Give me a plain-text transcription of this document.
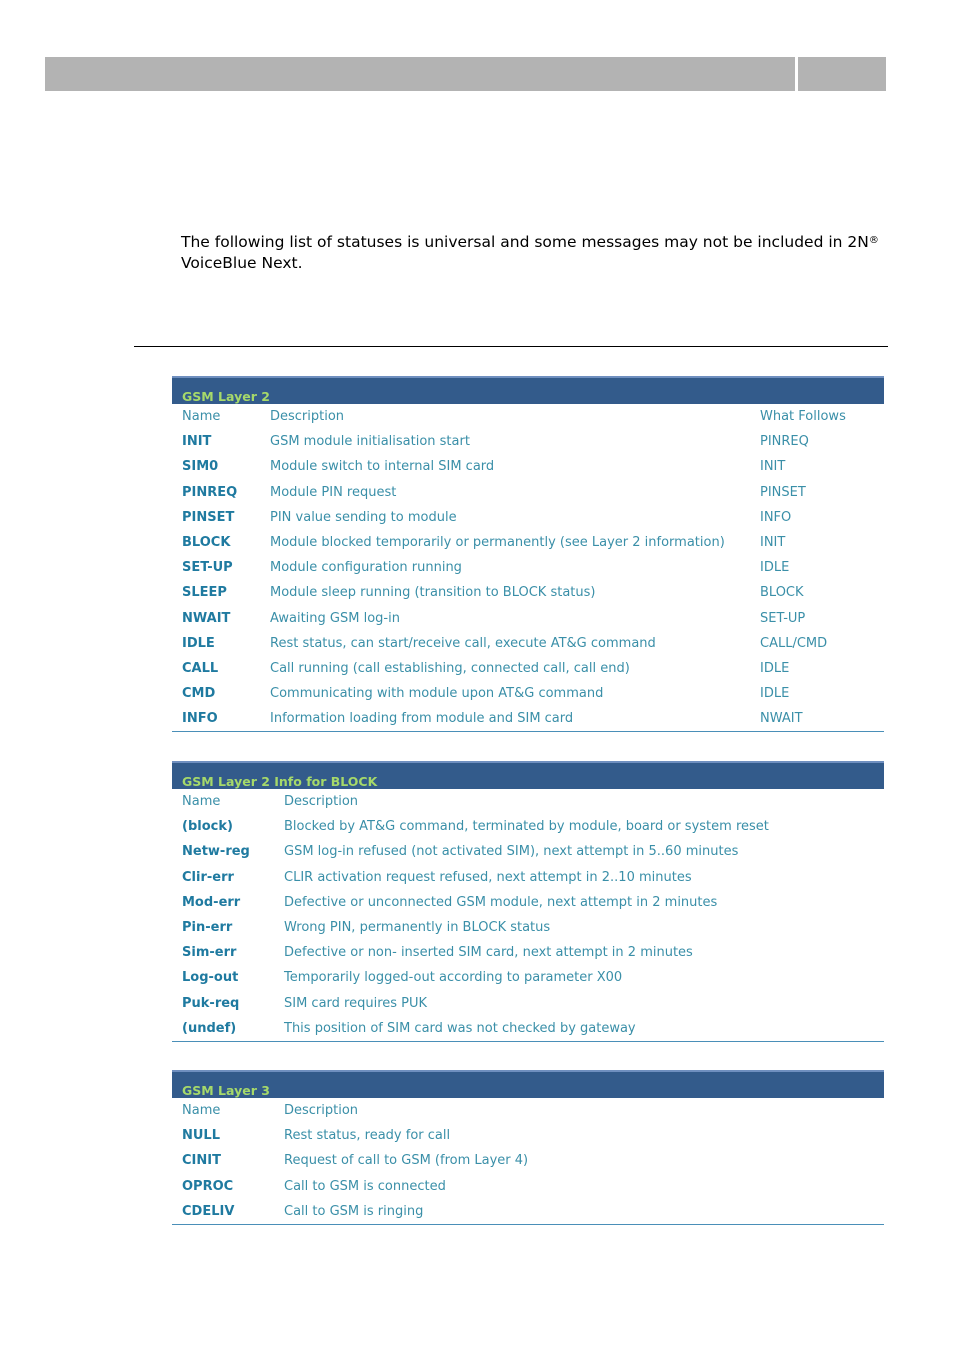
The following list of statuses is universal and some messages may not be included in 2N® VoiceBlue Next.
GSM Layer 2
Name	Description	What Follows
INIT	GSM module initialisation start	PINREQ
SIM0	Module switch to internal SIM card	INIT
PINREQ	Module PIN request	PINSET
PINSET	PIN value sending to module	INFO
BLOCK	Module blocked temporarily or permanently (see Layer 2 information)	INIT
SET-UP	Module configuration running	IDLE
SLEEP	Module sleep running (transition to BLOCK status)	BLOCK
NWAIT	Awaiting GSM log-in	SET-UP
IDLE	Rest status, can start/receive call, execute AT&G command	CALL/CMD
CALL	Call running (call establishing, connected call, call end)	IDLE
CMD	Communicating with module upon AT&G command	IDLE
INFO	Information loading from module and SIM card	NWAIT
GSM Layer 2 Info for BLOCK
Name	Description
(block)	Blocked by AT&G command, terminated by module, board or system reset
Netw-reg	GSM log-in refused (not activated SIM), next attempt in 5..60 minutes
Clir-err	CLIR activation request refused, next attempt in 2..10 minutes
Mod-err	Defective or unconnected GSM module, next attempt in 2 minutes
Pin-err	Wrong PIN, permanently in BLOCK status
Sim-err	Defective or non- inserted SIM card, next attempt in 2 minutes
Log-out	Temporarily logged-out according to parameter X00
Puk-req	SIM card requires PUK
(undef)	This position of SIM card was not checked by gateway
GSM Layer 3
Name	Description
NULL	Rest status, ready for call
CINIT	Request of call to GSM (from Layer 4)
OPROC	Call to GSM is connected
CDELIV	Call to GSM is ringing
